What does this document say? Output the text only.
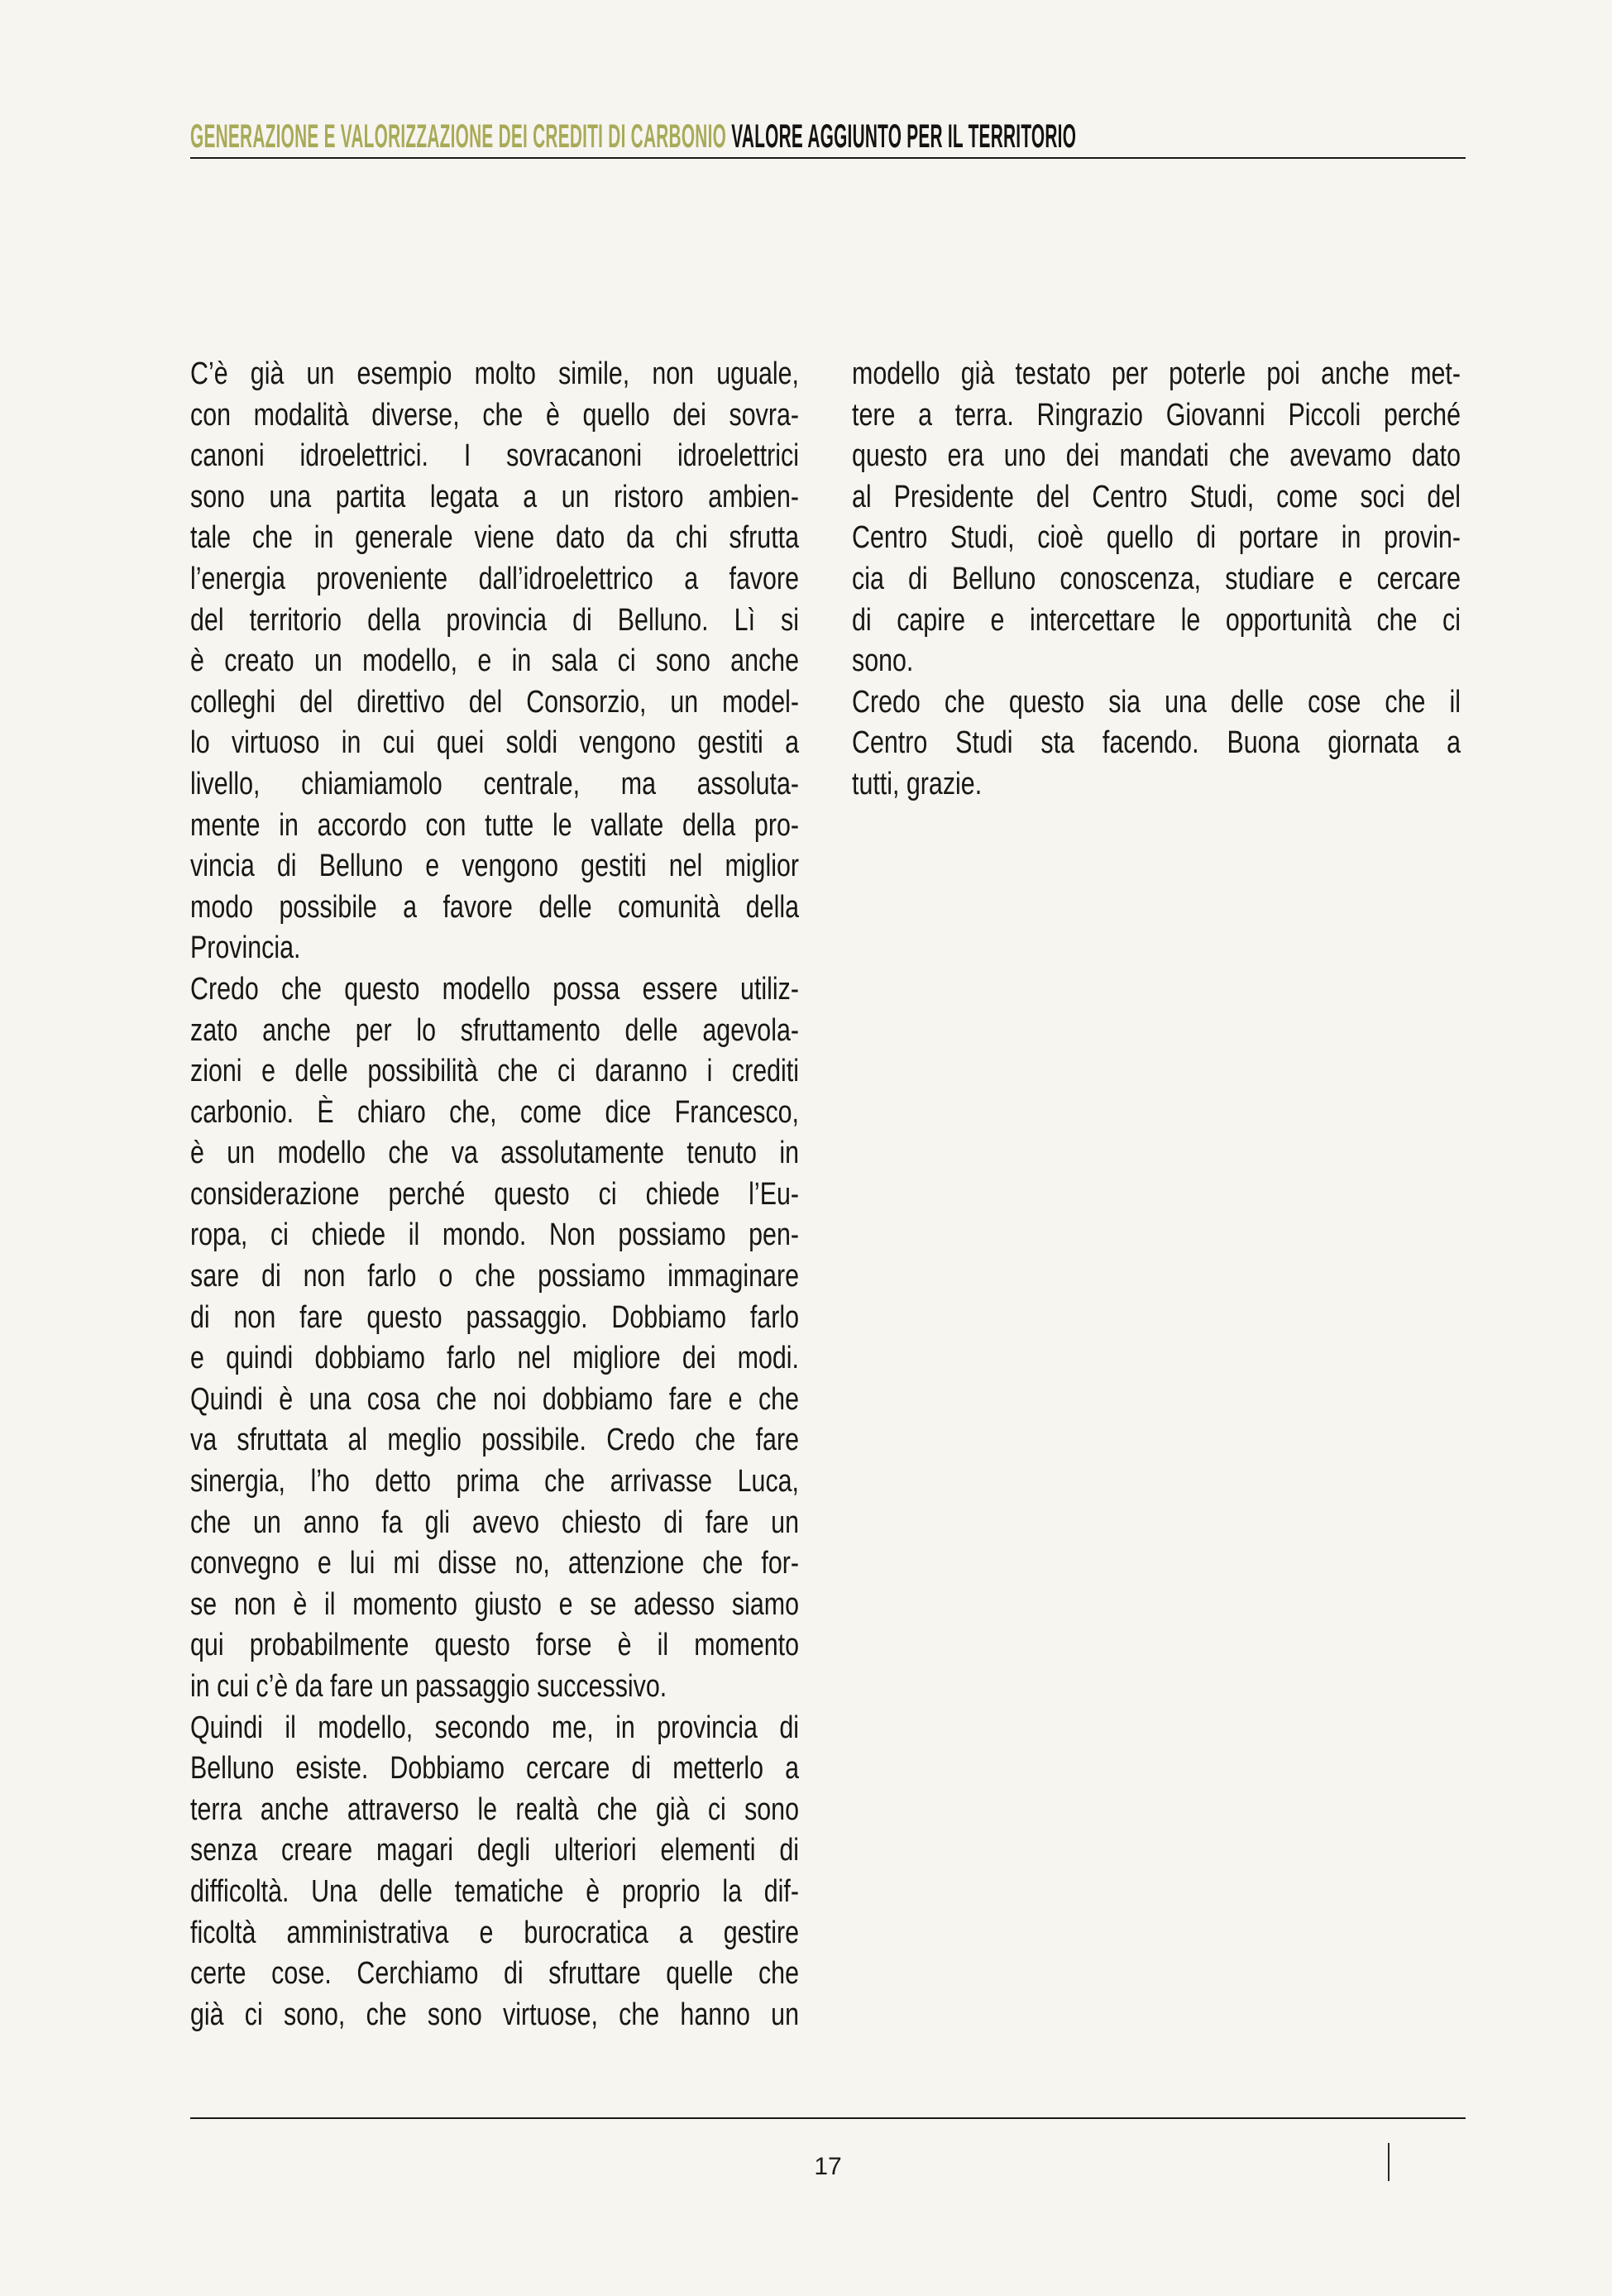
GENERAZIONE E VALORIZZAZIONE DEI CREDITI DI CARBONIO VALORE AGGIUNTO PER IL TERRITORIO
C’è già un esempio molto simile, non uguale,
con modalità diverse, che è quello dei sovra-
canoni idroelettrici. I sovracanoni idroelettrici
sono una partita legata a un ristoro ambien-
tale che in generale viene dato da chi sfrutta
l’energia proveniente dall’idroelettrico a favore
del territorio della provincia di Belluno. Lì si
è creato un modello, e in sala ci sono anche
colleghi del direttivo del Consorzio, un model-
lo virtuoso in cui quei soldi vengono gestiti a
livello, chiamiamolo centrale, ma assoluta-
mente in accordo con tutte le vallate della pro-
vincia di Belluno e vengono gestiti nel miglior
modo possibile a favore delle comunità della
Provincia.
Credo che questo modello possa essere utiliz-
zato anche per lo sfruttamento delle agevola-
zioni e delle possibilità che ci daranno i crediti
carbonio. È chiaro che, come dice Francesco,
è un modello che va assolutamente tenuto in
considerazione perché questo ci chiede l’Eu-
ropa, ci chiede il mondo. Non possiamo pen-
sare di non farlo o che possiamo immaginare
di non fare questo passaggio. Dobbiamo farlo
e quindi dobbiamo farlo nel migliore dei modi.
Quindi è una cosa che noi dobbiamo fare e che
va sfruttata al meglio possibile. Credo che fare
sinergia, l’ho detto prima che arrivasse Luca,
che un anno fa gli avevo chiesto di fare un
convegno e lui mi disse no, attenzione che for-
se non è il momento giusto e se adesso siamo
qui probabilmente questo forse è il momento
in cui c’è da fare un passaggio successivo.
Quindi il modello, secondo me, in provincia di
Belluno esiste. Dobbiamo cercare di metterlo a
terra anche attraverso le realtà che già ci sono
senza creare magari degli ulteriori elementi di
difficoltà. Una delle tematiche è proprio la dif-
ficoltà amministrativa e burocratica a gestire
certe cose. Cerchiamo di sfruttare quelle che
già ci sono, che sono virtuose, che hanno un
modello già testato per poterle poi anche met-
tere a terra. Ringrazio Giovanni Piccoli perché
questo era uno dei mandati che avevamo dato
al Presidente del Centro Studi, come soci del
Centro Studi, cioè quello di portare in provin-
cia di Belluno conoscenza, studiare e cercare
di capire e intercettare le opportunità che ci
sono.
Credo che questo sia una delle cose che il
Centro Studi sta facendo. Buona giornata a
tutti, grazie.
17
